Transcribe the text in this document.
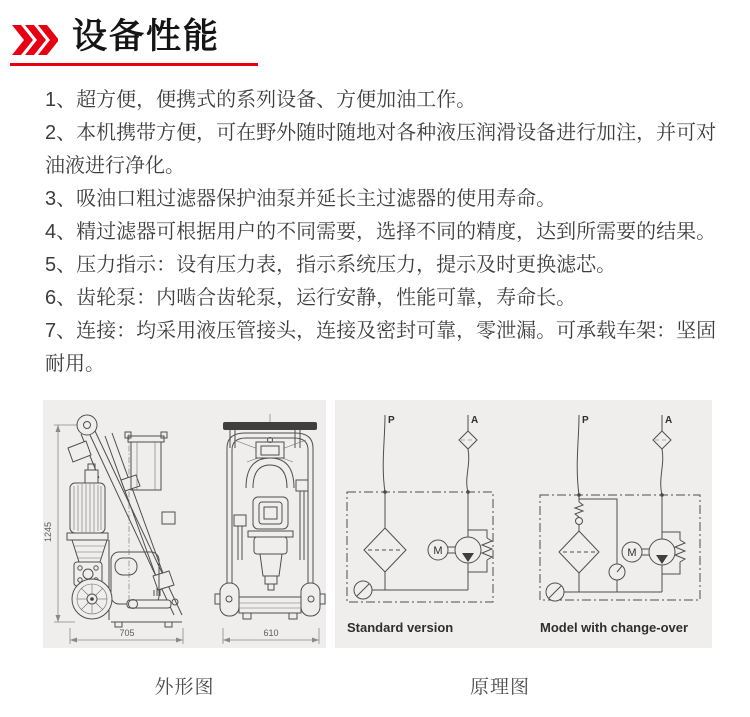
设备性能

1、超方便，便携式的系列设备、方便加油工作。

2、本机携带方便，可在野外随时随地对各种液压润滑设备进行加注，并可对油液进行净化。

3、吸油口粗过滤器保护油泵并延长主过滤器的使用寿命。

4、精过滤器可根据用户的不同需要，选择不同的精度，达到所需要的结果。

5、压力指示：设有压力表，指示系统压力，提示及时更换滤芯。

6、齿轮泵：内啮合齿轮泵，运行安静，性能可靠，寿命长。

7、连接：均采用液压管接头，连接及密封可靠，零泄漏。可承载车架：坚固耐用。

1245
705	610
P	A
M
Standard version
P	A
M
Model with change-over
外形图	原理图
